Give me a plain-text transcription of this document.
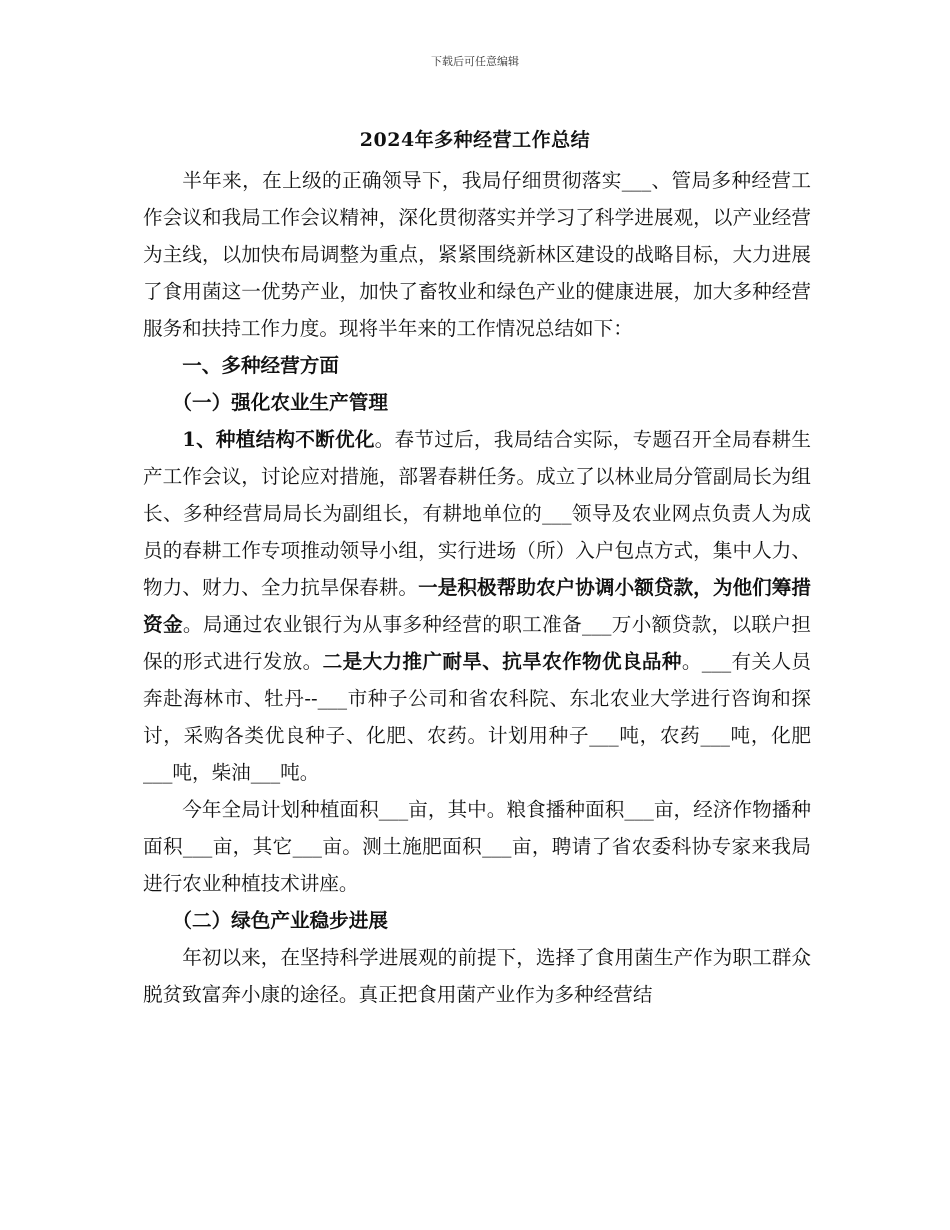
下载后可任意编辑
2024年多种经营工作总结

半年来，在上级的正确领导下，我局仔细贯彻落实___、管局多种经营工作会议和我局工作会议精神，深化贯彻落实并学习了科学进展观，以产业经营为主线，以加快布局调整为重点，紧紧围绕新林区建设的战略目标，大力进展了食用菌这一优势产业，加快了畜牧业和绿色产业的健康进展，加大多种经营服务和扶持工作力度。现将半年来的工作情况总结如下：

一、多种经营方面

（一）强化农业生产管理

1、种植结构不断优化。春节过后，我局结合实际，专题召开全局春耕生产工作会议，讨论应对措施，部署春耕任务。成立了以林业局分管副局长为组长、多种经营局局长为副组长，有耕地单位的___领导及农业网点负责人为成员的春耕工作专项推动领导小组，实行进场（所）入户包点方式，集中人力、物力、财力、全力抗旱保春耕。一是积极帮助农户协调小额贷款，为他们筹措资金。局通过农业银行为从事多种经营的职工准备___万小额贷款，以联户担保的形式进行发放。二是大力推广耐旱、抗旱农作物优良品种。___有关人员奔赴海林市、牡丹--___市种子公司和省农科院、东北农业大学进行咨询和探讨，采购各类优良种子、化肥、农药。计划用种子___吨，农药___吨，化肥___吨，柴油___吨。

今年全局计划种植面积___亩，其中。粮食播种面积___亩，经济作物播种面积___亩，其它___亩。测土施肥面积___亩，聘请了省农委科协专家来我局进行农业种植技术讲座。

（二）绿色产业稳步进展

年初以来，在坚持科学进展观的前提下，选择了食用菌生产作为职工群众脱贫致富奔小康的途径。真正把食用菌产业作为多种经营结
